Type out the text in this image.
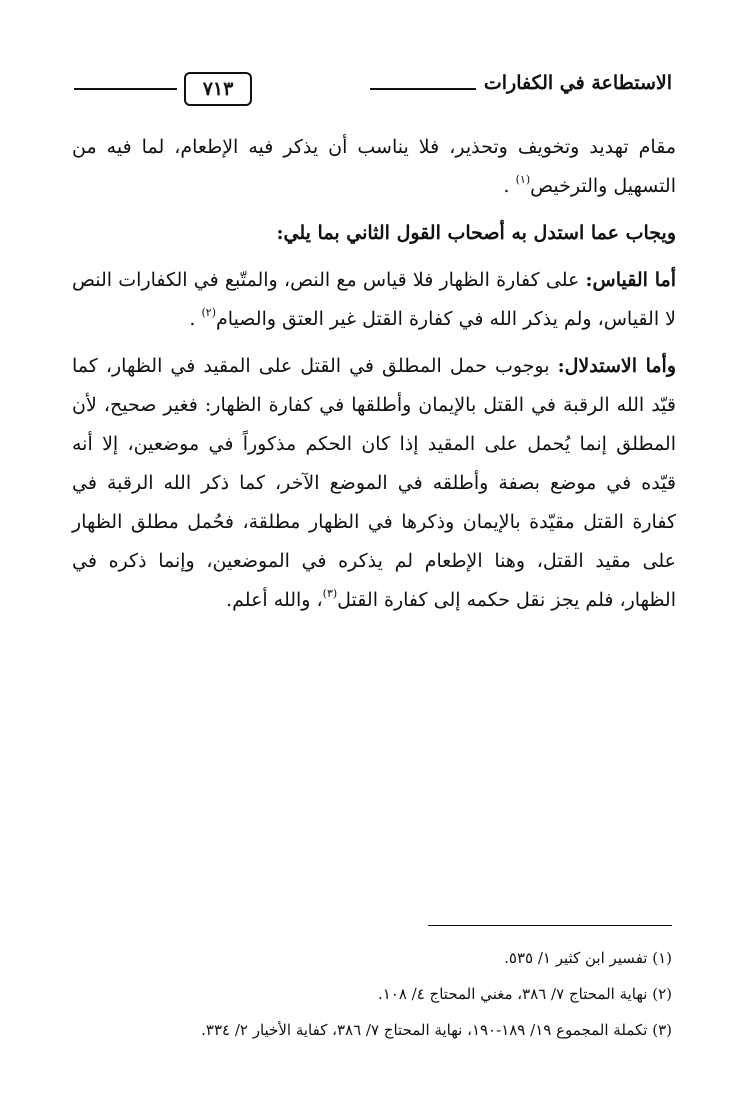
الاستطاعة في الكفارات
٧١٣

مقام تهديد وتخويف وتحذير، فلا يناسب أن يذكر فيه الإطعام، لما فيه من التسهيل والترخيص$^{(١)}$ .

ويجاب عما استدل به أصحاب القول الثاني بما يلي:

أما القياس: على كفارة الظهار فلا قياس مع النص، والمتّبع في الكفارات النص لا القياس، ولم يذكر الله في كفارة القتل غير العتق والصيام$^{(٢)}$ .

وأما الاستدلال: بوجوب حمل المطلق في القتل على المقيد في الظهار، كما قيّد الله الرقبة في القتل بالإيمان وأطلقها في كفارة الظهار: فغير صحيح، لأن المطلق إنما يُحمل على المقيد إذا كان الحكم مذكوراً في موضعين، إلا أنه قيّده في موضع بصفة وأطلقه في الموضع الآخر، كما ذكر الله الرقبة في كفارة القتل مقيّدة بالإيمان وذكرها في الظهار مطلقة، فحُمل مطلق الظهار على مقيد القتل، وهنا الإطعام لم يذكره في الموضعين، وإنما ذكره في الظهار، فلم يجز نقل حكمه إلى كفارة القتل$^{(٣)}$، والله أعلم.

(١) تفسير ابن كثير ١/ ٥٣٥.
(٢) نهاية المحتاج ٧/ ٣٨٦، مغني المحتاج ٤/ ١٠٨.
(٣) تكملة المجموع ١٩/ ١٨٩-١٩٠، نهاية المحتاج ٧/ ٣٨٦، كفاية الأخيار ٢/ ٣٣٤.
